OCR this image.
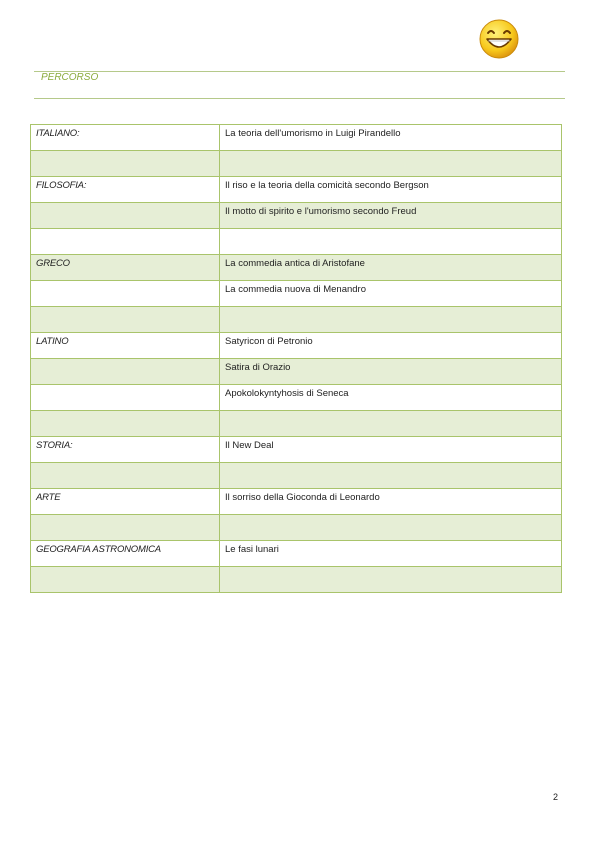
PERCORSO
ITALIANO:	La teoria dell'umorismo in Luigi Pirandello

FILOSOFIA:	Il riso e la teoria della comicità secondo Bergson

	Il motto di spirito e l'umorismo secondo Freud

GRECO	La commedia antica di Aristofane

	La commedia nuova di Menandro

LATINO	Satyricon di Petronio

	Satira di Orazio

	Apokolokyntyhosis di Seneca

STORIA:	Il New Deal

ARTE	Il sorriso della Gioconda di Leonardo

GEOGRAFIA ASTRONOMICA	Le fasi lunari

2
